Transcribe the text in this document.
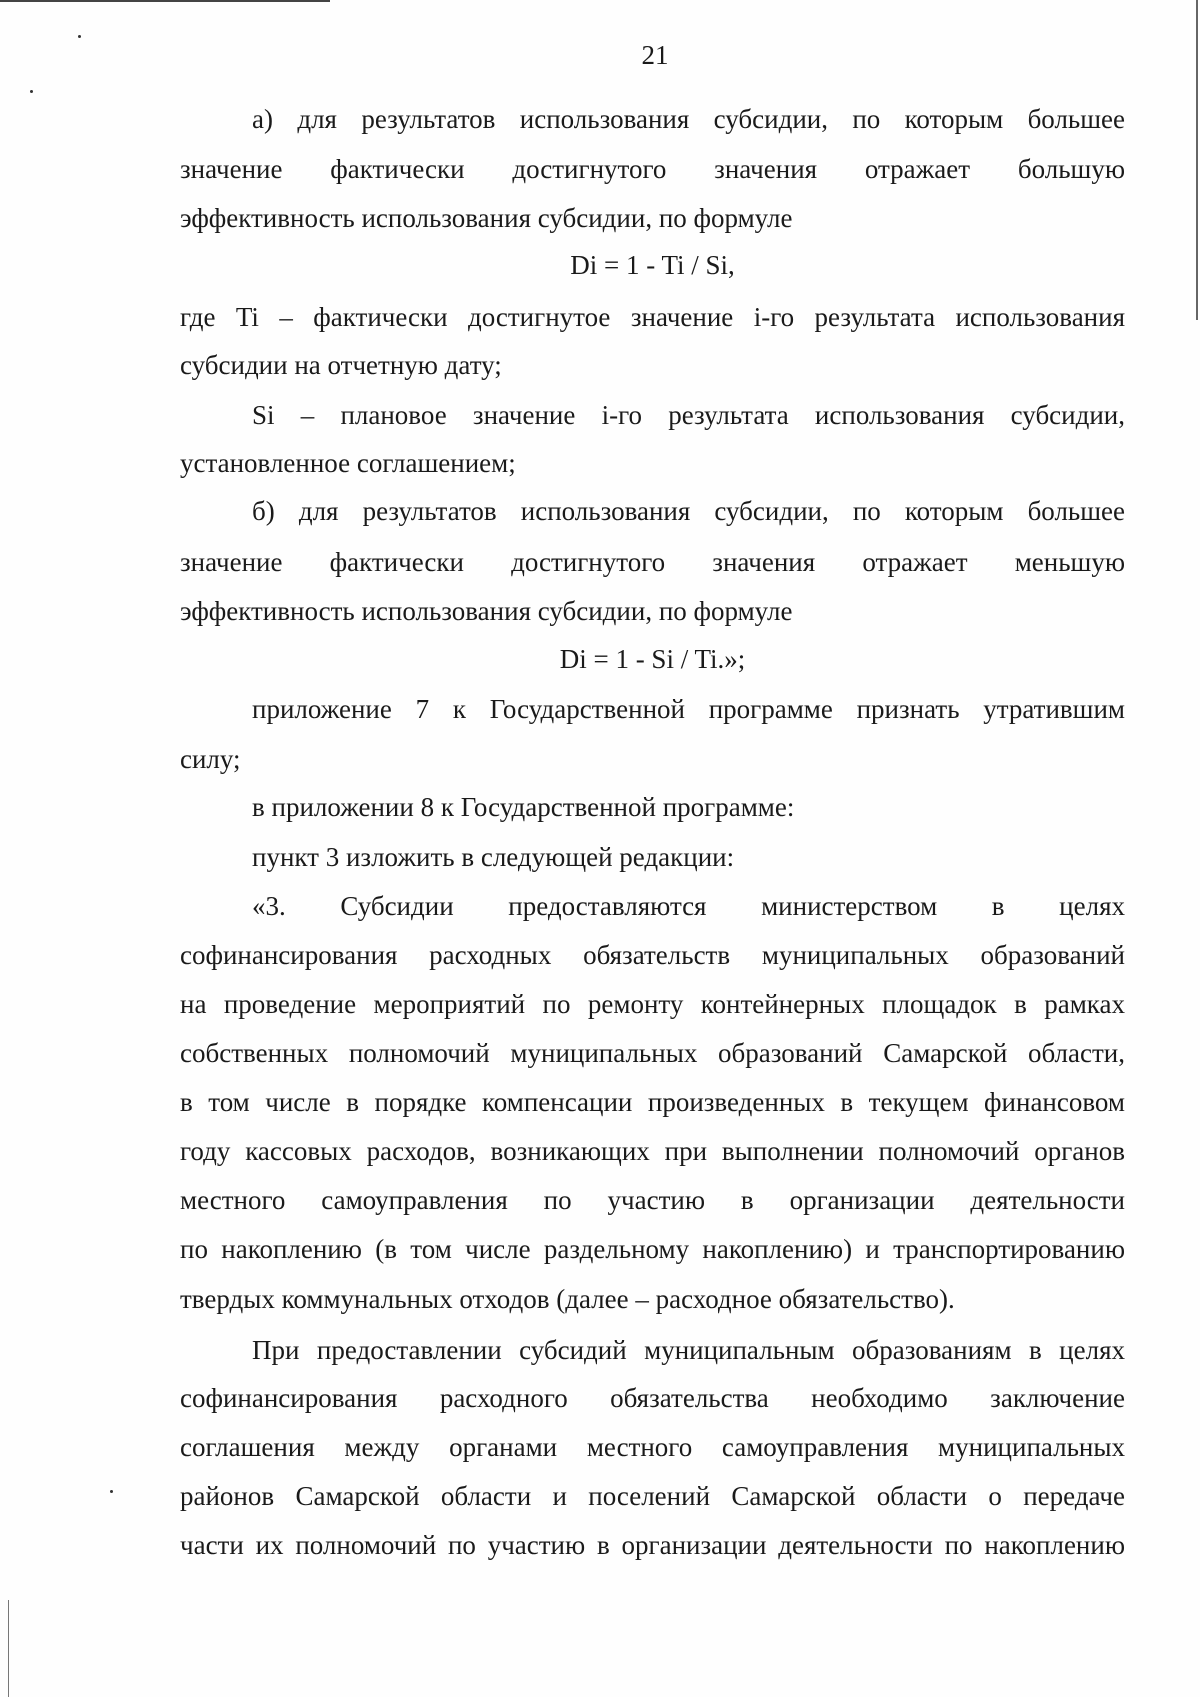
21
а) для результатов использования субсидии, по которым большее
значение фактически достигнутого значения отражает большую
эффективность использования субсидии, по формуле
Di = 1 - Ti / Si,
где Ti – фактически достигнутое значение i-го результата использования
субсидии на отчетную дату;
Si – плановое значение i-го результата использования субсидии,
установленное соглашением;
б) для результатов использования субсидии, по которым большее
значение фактически достигнутого значения отражает меньшую
эффективность использования субсидии, по формуле
Di = 1 - Si / Ti.»;
приложение 7 к Государственной программе признать утратившим
силу;
в приложении 8 к Государственной программе:
пункт 3 изложить в следующей редакции:
«3. Субсидии предоставляются министерством в целях
софинансирования расходных обязательств муниципальных образований
на проведение мероприятий по ремонту контейнерных площадок в рамках
собственных полномочий муниципальных образований Самарской области,
в том числе в порядке компенсации произведенных в текущем финансовом
году кассовых расходов, возникающих при выполнении полномочий органов
местного самоуправления по участию в организации деятельности
по накоплению (в том числе раздельному накоплению) и транспортированию
твердых коммунальных отходов (далее – расходное обязательство).
При предоставлении субсидий муниципальным образованиям в целях
софинансирования расходного обязательства необходимо заключение
соглашения между органами местного самоуправления муниципальных
районов Самарской области и поселений Самарской области о передаче
части их полномочий по участию в организации деятельности по накоплению
